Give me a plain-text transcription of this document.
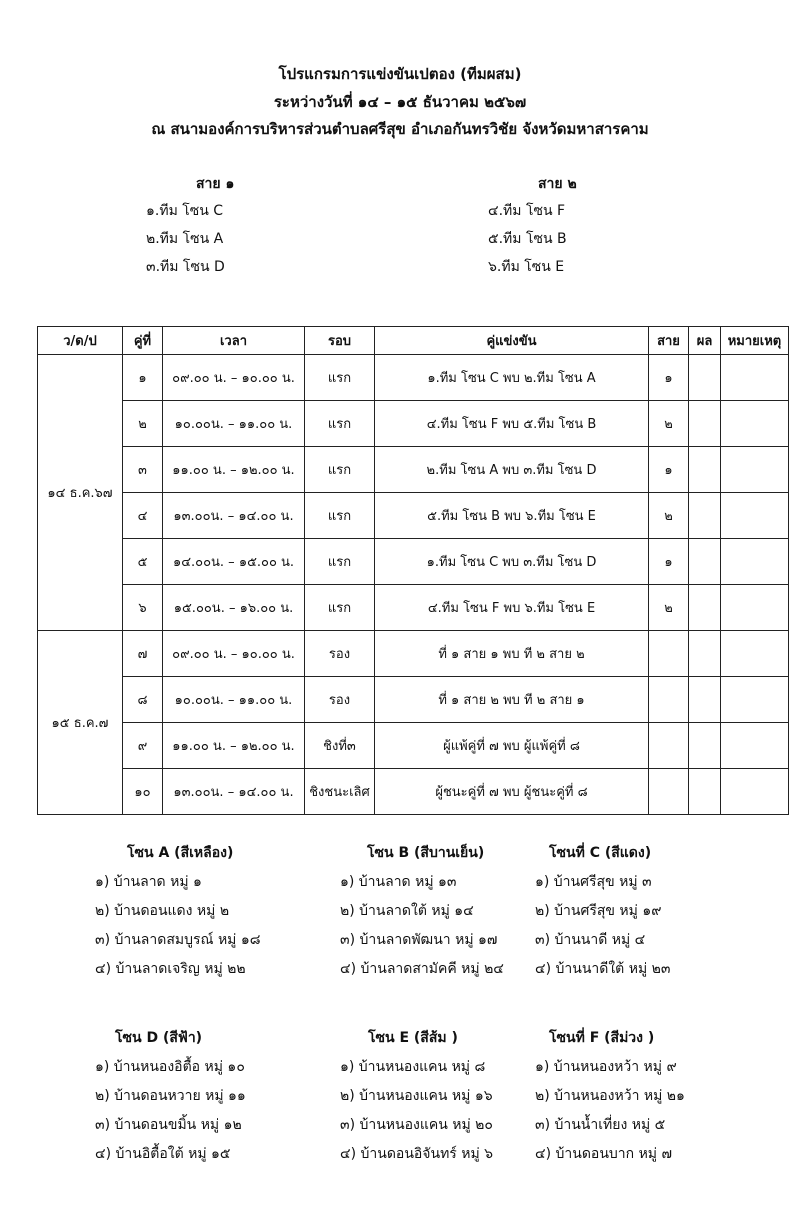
โปรแกรมการแข่งขันเปตอง (ทีมผสม)
ระหว่างวันที่ ๑๔ – ๑๕ ธันวาคม ๒๕๖๗
ณ สนามองค์การบริหารส่วนตำบลศรีสุข อำเภอกันทรวิชัย จังหวัดมหาสารคาม
สาย ๑
๑.ทีม โซน C
๒.ทีม โซน A
๓.ทีม โซน D
สาย ๒
๔.ทีม โซน F
๕.ทีม โซน B
๖.ทีม โซน E
ว/ด/ป	คู่ที่	เวลา	รอบ	คู่แข่งขัน	สาย	ผล	หมายเหตุ
๑๔ ธ.ค.๖๗	๑	๐๙.๐๐ น. – ๑๐.๐๐ น.	แรก	๑.ทีม โซน C พบ ๒.ทีม โซน A	๑		
	๒	๑๐.๐๐น. – ๑๑.๐๐ น.	แรก	๔.ทีม โซน F พบ ๕.ทีม โซน B	๒		
	๓	๑๑.๐๐ น. – ๑๒.๐๐ น.	แรก	๒.ทีม โซน A พบ ๓.ทีม โซน D	๑		
	๔	๑๓.๐๐น. – ๑๔.๐๐ น.	แรก	๕.ทีม โซน B พบ ๖.ทีม โซน E	๒		
	๕	๑๔.๐๐น. – ๑๕.๐๐ น.	แรก	๑.ทีม โซน C พบ ๓.ทีม โซน D	๑		
	๖	๑๕.๐๐น. – ๑๖.๐๐ น.	แรก	๔.ทีม โซน F พบ ๖.ทีม โซน E	๒		
๑๕ ธ.ค.๗	๗	๐๙.๐๐ น. – ๑๐.๐๐ น.	รอง	ที่ ๑ สาย ๑ พบ ที ๒ สาย ๒			
	๘	๑๐.๐๐น. – ๑๑.๐๐ น.	รอง	ที่ ๑ สาย ๒ พบ ที ๒ สาย ๑			
	๙	๑๑.๐๐ น. – ๑๒.๐๐ น.	ชิงที่๓	ผู้แพ้คู่ที่ ๗ พบ ผู้แพ้คู่ที่ ๘			
	๑๐	๑๓.๐๐น. – ๑๔.๐๐ น.	ชิงชนะเลิศ	ผู้ชนะคู่ที่ ๗ พบ ผู้ชนะคู่ที่ ๘			
โซน A (สีเหลือง)
๑) บ้านลาด หมู่ ๑
๒) บ้านดอนแดง หมู่ ๒
๓) บ้านลาดสมบูรณ์ หมู่ ๑๘
๔) บ้านลาดเจริญ หมู่ ๒๒
โซน B (สีบานเย็น)
๑) บ้านลาด หมู่ ๑๓
๒) บ้านลาดใต้ หมู่ ๑๔
๓) บ้านลาดพัฒนา หมู่ ๑๗
๔) บ้านลาดสามัคคี หมู่ ๒๔
โซนที่ C (สีแดง)
๑) บ้านศรีสุข หมู่ ๓
๒) บ้านศรีสุข หมู่ ๑๙
๓) บ้านนาดี หมู่ ๔
๔) บ้านนาดีใต้ หมู่ ๒๓
โซน D (สีฟ้า)
๑) บ้านหนองอิตื้อ หมู่ ๑๐
๒) บ้านดอนหวาย หมู่ ๑๑
๓) บ้านดอนขมิ้น หมู่ ๑๒
๔) บ้านอิตื้อใต้ หมู่ ๑๕
โซน E (สีส้ม )
๑) บ้านหนองแคน หมู่ ๘
๒) บ้านหนองแคน หมู่ ๑๖
๓) บ้านหนองแคน หมู่ ๒๐
๔) บ้านดอนอิจันทร์ หมู่ ๖
โซนที่ F (สีม่วง )
๑) บ้านหนองหว้า หมู่ ๙
๒) บ้านหนองหว้า หมู่ ๒๑
๓) บ้านน้ำเที่ยง หมู่ ๕
๔) บ้านดอนบาก หมู่ ๗
